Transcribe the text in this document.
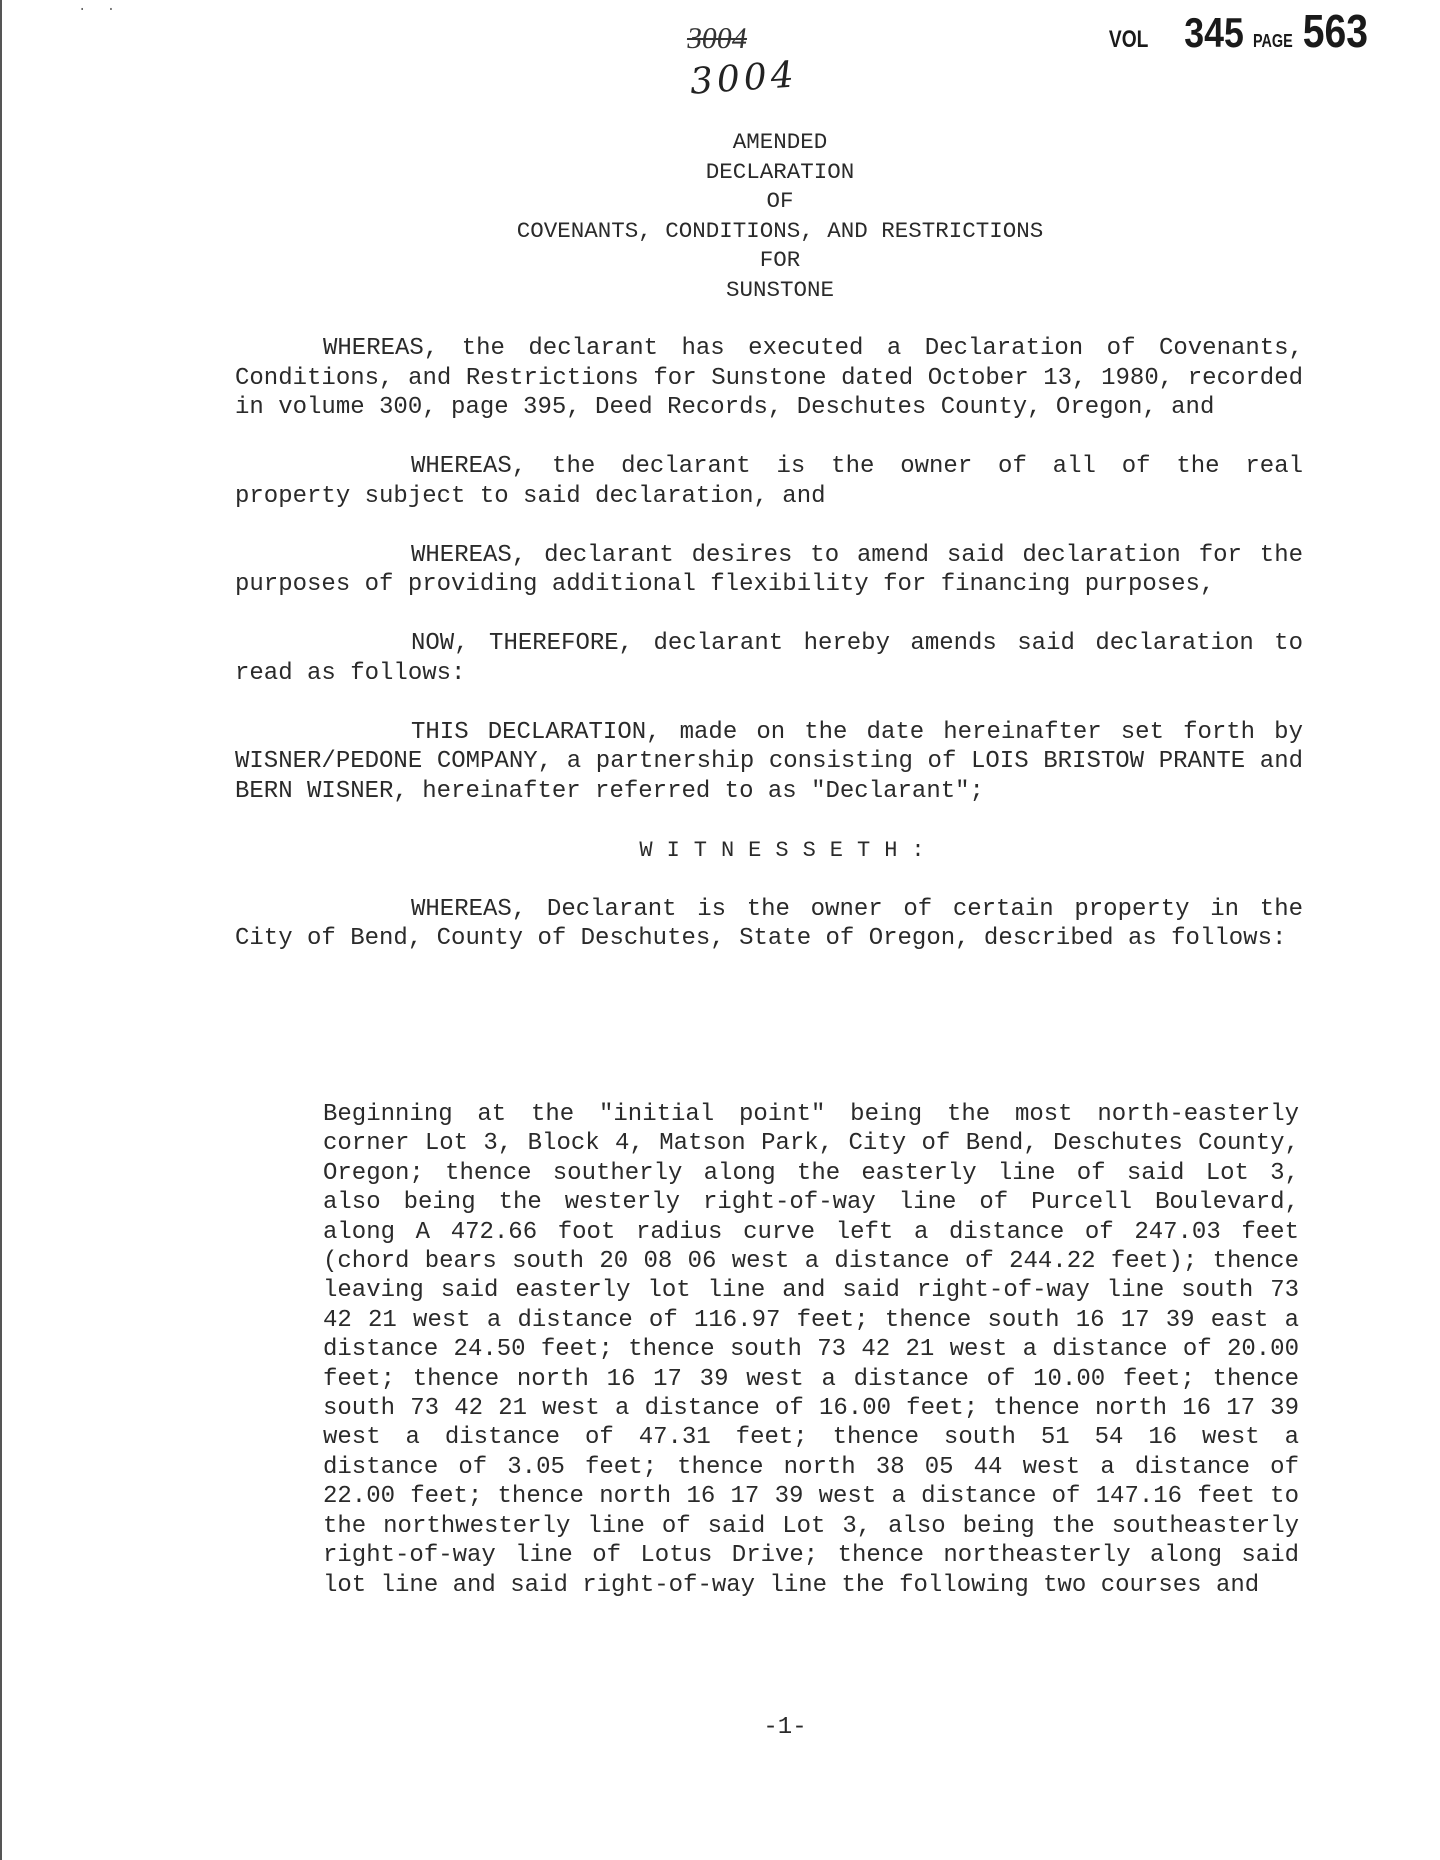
· ·
VOL 345 PAGE 563
3004
3004
AMENDED
DECLARATION
OF
COVENANTS, CONDITIONS, AND RESTRICTIONS
FOR
SUNSTONE

WHEREAS, the declarant has executed a Declaration of Covenants, Conditions, and Restrictions for Sunstone dated October 13, 1980, recorded in volume 300, page 395, Deed Records, Deschutes County, Oregon, and

WHEREAS, the declarant is the owner of all of the real property subject to said declaration, and

WHEREAS, declarant desires to amend said declaration for the purposes of providing additional flexibility for financing purposes,

NOW, THEREFORE, declarant hereby amends said declaration to read as follows:

THIS DECLARATION, made on the date hereinafter set forth by WISNER/PEDONE COMPANY, a partnership consisting of LOIS BRISTOW PRANTE and BERN WISNER, hereinafter referred to as "Declarant";

WITNESSETH:

WHEREAS, Declarant is the owner of certain property in the City of Bend, County of Deschutes, State of Oregon, described as follows:

Beginning at the "initial point" being the most north-easterly corner Lot 3, Block 4, Matson Park, City of Bend, Deschutes County, Oregon; thence southerly along the easterly line of said Lot 3, also being the westerly right-of-way line of Purcell Boulevard, along A 472.66 foot radius curve left a distance of 247.03 feet (chord bears south 20 08 06 west a distance of 244.22 feet); thence leaving said easterly lot line and said right-of-way line south 73 42 21 west a distance of 116.97 feet; thence south 16 17 39 east a distance 24.50 feet; thence south 73 42 21 west a distance of 20.00 feet; thence north 16 17 39 west a distance of 10.00 feet; thence south 73 42 21 west a distance of 16.00 feet; thence north 16 17 39 west a distance of 47.31 feet; thence south 51 54 16 west a distance of 3.05 feet; thence north 38 05 44 west a distance of 22.00 feet; thence north 16 17 39 west a distance of 147.16 feet to the northwesterly line of said Lot 3, also being the southeasterly right-of-way line of Lotus Drive; thence northeasterly along said lot line and said right-of-way line the following two courses and
-1-
